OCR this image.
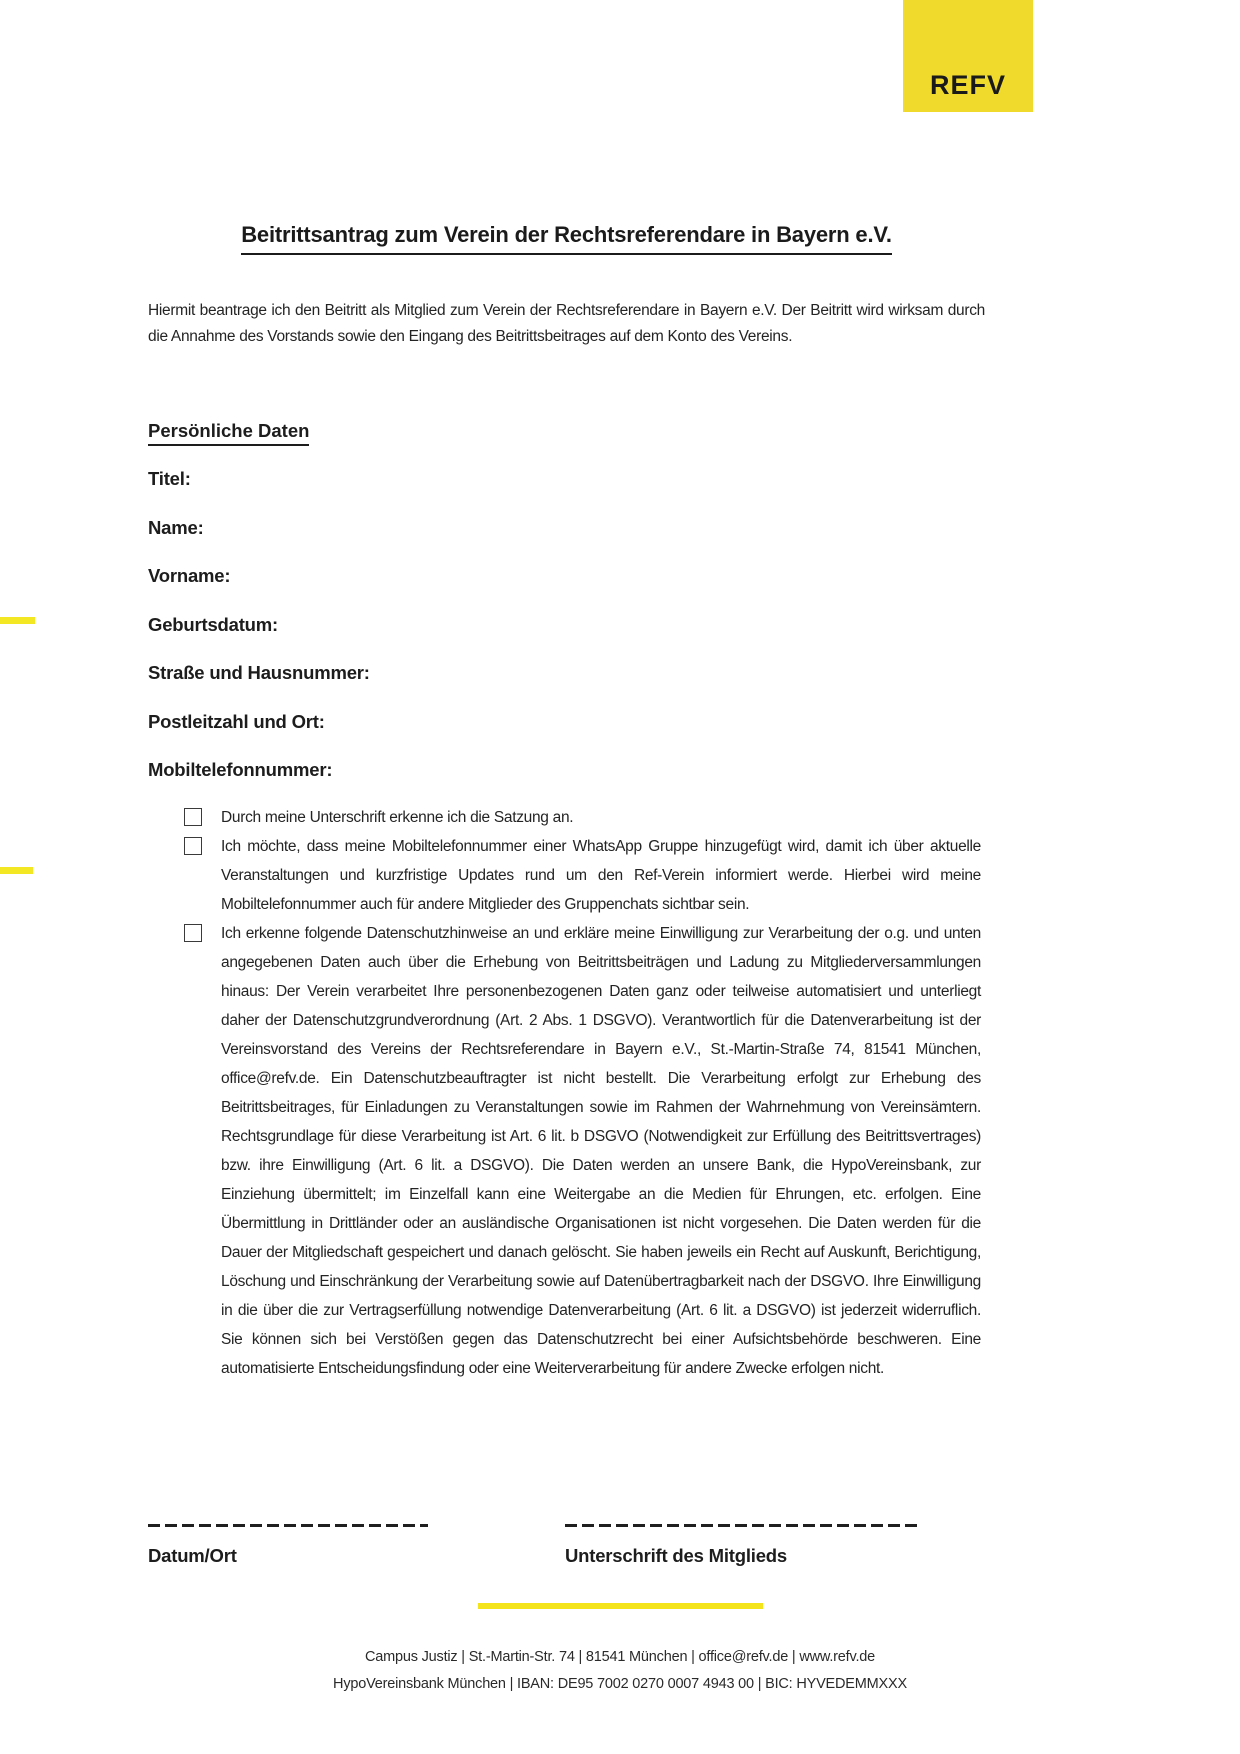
REFV
Beitrittsantrag zum Verein der Rechtsreferendare in Bayern e.V.

Hiermit beantrage ich den Beitritt als Mitglied zum Verein der Rechtsreferendare in Bayern e.V. Der Beitritt wird wirksam durch die Annahme des Vorstands sowie den Eingang des Beitrittsbeitrages auf dem Konto des Vereins.

Persönliche Daten
Titel:
Name:
Vorname:
Geburtsdatum:
Straße und Hausnummer:
Postleitzahl und Ort:
Mobiltelefonnummer:

Durch meine Unterschrift erkenne ich die Satzung an.

Ich möchte, dass meine Mobiltelefonnummer einer WhatsApp Gruppe hinzugefügt wird, damit ich über aktuelle Veranstaltungen und kurzfristige Updates rund um den Ref-Verein informiert werde. Hierbei wird meine Mobiltelefonnummer auch für andere Mitglieder des Gruppenchats sichtbar sein.

Ich erkenne folgende Datenschutzhinweise an und erkläre meine Einwilligung zur Verarbeitung der o.g. und unten angegebenen Daten auch über die Erhebung von Beitrittsbeiträgen und Ladung zu Mitgliederversammlungen hinaus: Der Verein verarbeitet Ihre personenbezogenen Daten ganz oder teilweise automatisiert und unterliegt daher der Datenschutzgrundverordnung (Art. 2 Abs. 1 DSGVO). Verantwortlich für die Datenverarbeitung ist der Vereinsvorstand des Vereins der Rechtsreferendare in Bayern e.V., St.-Martin-Straße 74, 81541 München, office@refv.de. Ein Datenschutzbeauftragter ist nicht bestellt. Die Verarbeitung erfolgt zur Erhebung des Beitrittsbeitrages, für Einladungen zu Veranstaltungen sowie im Rahmen der Wahrnehmung von Vereinsämtern. Rechtsgrundlage für diese Verarbeitung ist Art. 6 lit. b DSGVO (Notwendigkeit zur Erfüllung des Beitrittsvertrages) bzw. ihre Einwilligung (Art. 6 lit. a DSGVO). Die Daten werden an unsere Bank, die HypoVereinsbank, zur Einziehung übermittelt; im Einzelfall kann eine Weitergabe an die Medien für Ehrungen, etc. erfolgen. Eine Übermittlung in Drittländer oder an ausländische Organisationen ist nicht vorgesehen. Die Daten werden für die Dauer der Mitgliedschaft gespeichert und danach gelöscht. Sie haben jeweils ein Recht auf Auskunft, Berichtigung, Löschung und Einschränkung der Verarbeitung sowie auf Datenübertragbarkeit nach der DSGVO. Ihre Einwilligung in die über die zur Vertragserfüllung notwendige Datenverarbeitung (Art. 6 lit. a DSGVO) ist jederzeit widerruflich. Sie können sich bei Verstößen gegen das Datenschutzrecht bei einer Aufsichtsbehörde beschweren. Eine automatisierte Entscheidungsfindung oder eine Weiterverarbeitung für andere Zwecke erfolgen nicht.

Datum/Ort	Unterschrift des Mitglieds
Campus Justiz | St.-Martin-Str. 74 | 81541 München | office@refv.de | www.refv.de
HypoVereinsbank München | IBAN: DE95 7002 0270 0007 4943 00 | BIC: HYVEDEMMXXX
